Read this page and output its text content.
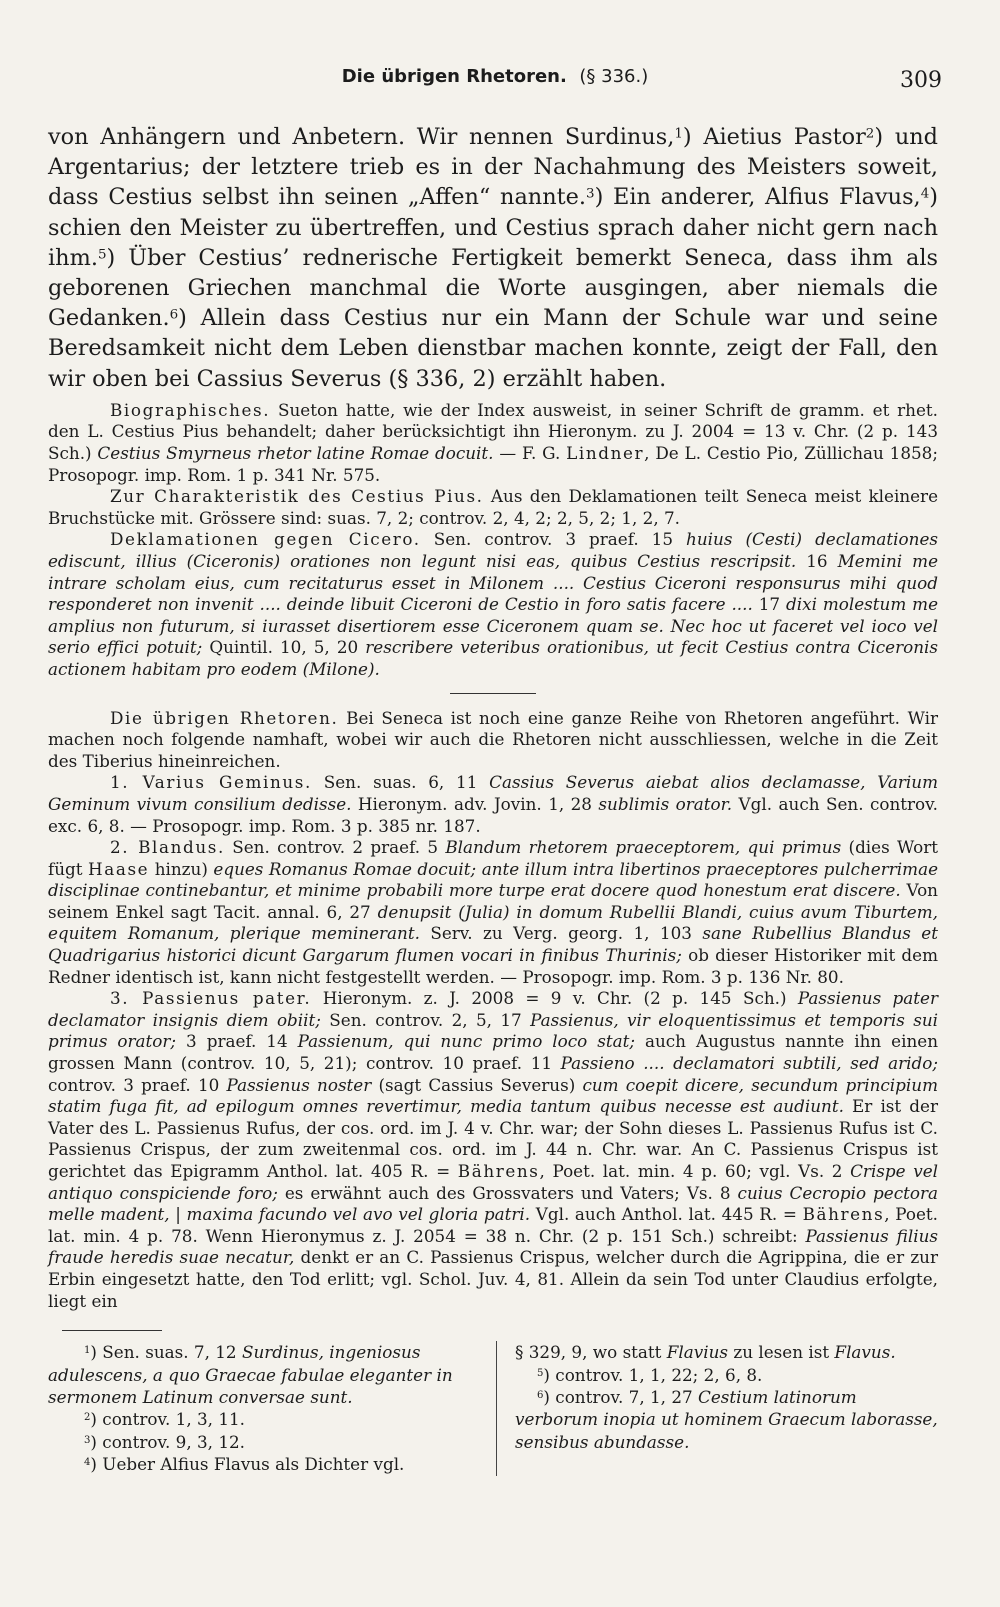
Die übrigen Rhetoren. (§ 336.)	309

von Anhängern und Anbetern. Wir nennen Surdinus,$^1$) Aietius Pastor$^2$) und Argentarius; der letztere trieb es in der Nachahmung des Meisters soweit, dass Cestius selbst ihn seinen „Affen“ nannte.$^3$) Ein anderer, Alfius Flavus,$^4$) schien den Meister zu übertreffen, und Cestius sprach daher nicht gern nach ihm.$^5$) Über Cestius’ rednerische Fertigkeit bemerkt Seneca, dass ihm als geborenen Griechen manchmal die Worte ausgingen, aber niemals die Gedanken.$^6$) Allein dass Cestius nur ein Mann der Schule war und seine Beredsamkeit nicht dem Leben dienstbar machen konnte, zeigt der Fall, den wir oben bei Cassius Severus (§ 336, 2) erzählt haben.

Biographisches. Sueton hatte, wie der Index ausweist, in seiner Schrift de gramm. et rhet. den L. Cestius Pius behandelt; daher berücksichtigt ihn Hieronym. zu J. 2004 = 13 v. Chr. (2 p. 143 Sch.) Cestius Smyrneus rhetor latine Romae docuit. — F. G. Lindner, De L. Cestio Pio, Züllichau 1858; Prosopogr. imp. Rom. 1 p. 341 Nr. 575.

Zur Charakteristik des Cestius Pius. Aus den Deklamationen teilt Seneca meist kleinere Bruchstücke mit. Grössere sind: suas. 7, 2; controv. 2, 4, 2; 2, 5, 2; 1, 2, 7.

Deklamationen gegen Cicero. Sen. controv. 3 praef. 15 huius (Cesti) declamationes ediscunt, illius (Ciceronis) orationes non legunt nisi eas, quibus Cestius rescripsit. 16 Memini me intrare scholam eius, cum recitaturus esset in Milonem .... Cestius Ciceroni responsurus mihi quod responderet non invenit .... deinde libuit Ciceroni de Cestio in foro satis facere .... 17 dixi molestum me amplius non futurum, si iurasset disertiorem esse Ciceronem quam se. Nec hoc ut faceret vel ioco vel serio effici potuit; Quintil. 10, 5, 20 rescribere veteribus orationibus, ut fecit Cestius contra Ciceronis actionem habitam pro eodem (Milone).

Die übrigen Rhetoren. Bei Seneca ist noch eine ganze Reihe von Rhetoren angeführt. Wir machen noch folgende namhaft, wobei wir auch die Rhetoren nicht ausschliessen, welche in die Zeit des Tiberius hineinreichen.

1. Varius Geminus. Sen. suas. 6, 11 Cassius Severus aiebat alios declamasse, Varium Geminum vivum consilium dedisse. Hieronym. adv. Jovin. 1, 28 sublimis orator. Vgl. auch Sen. controv. exc. 6, 8. — Prosopogr. imp. Rom. 3 p. 385 nr. 187.

2. Blandus. Sen. controv. 2 praef. 5 Blandum rhetorem praeceptorem, qui primus (dies Wort fügt Haase hinzu) eques Romanus Romae docuit; ante illum intra libertinos praeceptores pulcherrimae disciplinae continebantur, et minime probabili more turpe erat docere quod honestum erat discere. Von seinem Enkel sagt Tacit. annal. 6, 27 denupsit (Julia) in domum Rubellii Blandi, cuius avum Tiburtem, equitem Romanum, plerique meminerant. Serv. zu Verg. georg. 1, 103 sane Rubellius Blandus et Quadrigarius historici dicunt Gargarum flumen vocari in finibus Thurinis; ob dieser Historiker mit dem Redner identisch ist, kann nicht festgestellt werden. — Prosopogr. imp. Rom. 3 p. 136 Nr. 80.

3. Passienus pater. Hieronym. z. J. 2008 = 9 v. Chr. (2 p. 145 Sch.) Passienus pater declamator insignis diem obiit; Sen. controv. 2, 5, 17 Passienus, vir eloquentissimus et temporis sui primus orator; 3 praef. 14 Passienum, qui nunc primo loco stat; auch Augustus nannte ihn einen grossen Mann (controv. 10, 5, 21); controv. 10 praef. 11 Passieno .... declamatori subtili, sed arido; controv. 3 praef. 10 Passienus noster (sagt Cassius Severus) cum coepit dicere, secundum principium statim fuga fit, ad epilogum omnes revertimur, media tantum quibus necesse est audiunt. Er ist der Vater des L. Passienus Rufus, der cos. ord. im J. 4 v. Chr. war; der Sohn dieses L. Passienus Rufus ist C. Passienus Crispus, der zum zweitenmal cos. ord. im J. 44 n. Chr. war. An C. Passienus Crispus ist gerichtet das Epigramm Anthol. lat. 405 R. = Bährens, Poet. lat. min. 4 p. 60; vgl. Vs. 2 Crispe vel antiquo conspiciende foro; es erwähnt auch des Grossvaters und Vaters; Vs. 8 cuius Cecropio pectora melle madent, | maxima facundo vel avo vel gloria patri. Vgl. auch Anthol. lat. 445 R. = Bährens, Poet. lat. min. 4 p. 78. Wenn Hieronymus z. J. 2054 = 38 n. Chr. (2 p. 151 Sch.) schreibt: Passienus filius fraude heredis suae necatur, denkt er an C. Passienus Crispus, welcher durch die Agrippina, die er zur Erbin eingesetzt hatte, den Tod erlitt; vgl. Schol. Juv. 4, 81. Allein da sein Tod unter Claudius erfolgte, liegt ein

$^1$) Sen. suas. 7, 12 Surdinus, ingeniosus adulescens, a quo Graecae fabulae eleganter in sermonem Latinum conversae sunt.

$^2$) controv. 1, 3, 11.

$^3$) controv. 9, 3, 12.

$^4$) Ueber Alfius Flavus als Dichter vgl.

§ 329, 9, wo statt Flavius zu lesen ist Flavus.

$^5$) controv. 1, 1, 22; 2, 6, 8.

$^6$) controv. 7, 1, 27 Cestium latinorum verborum inopia ut hominem Graecum laborasse, sensibus abundasse.
